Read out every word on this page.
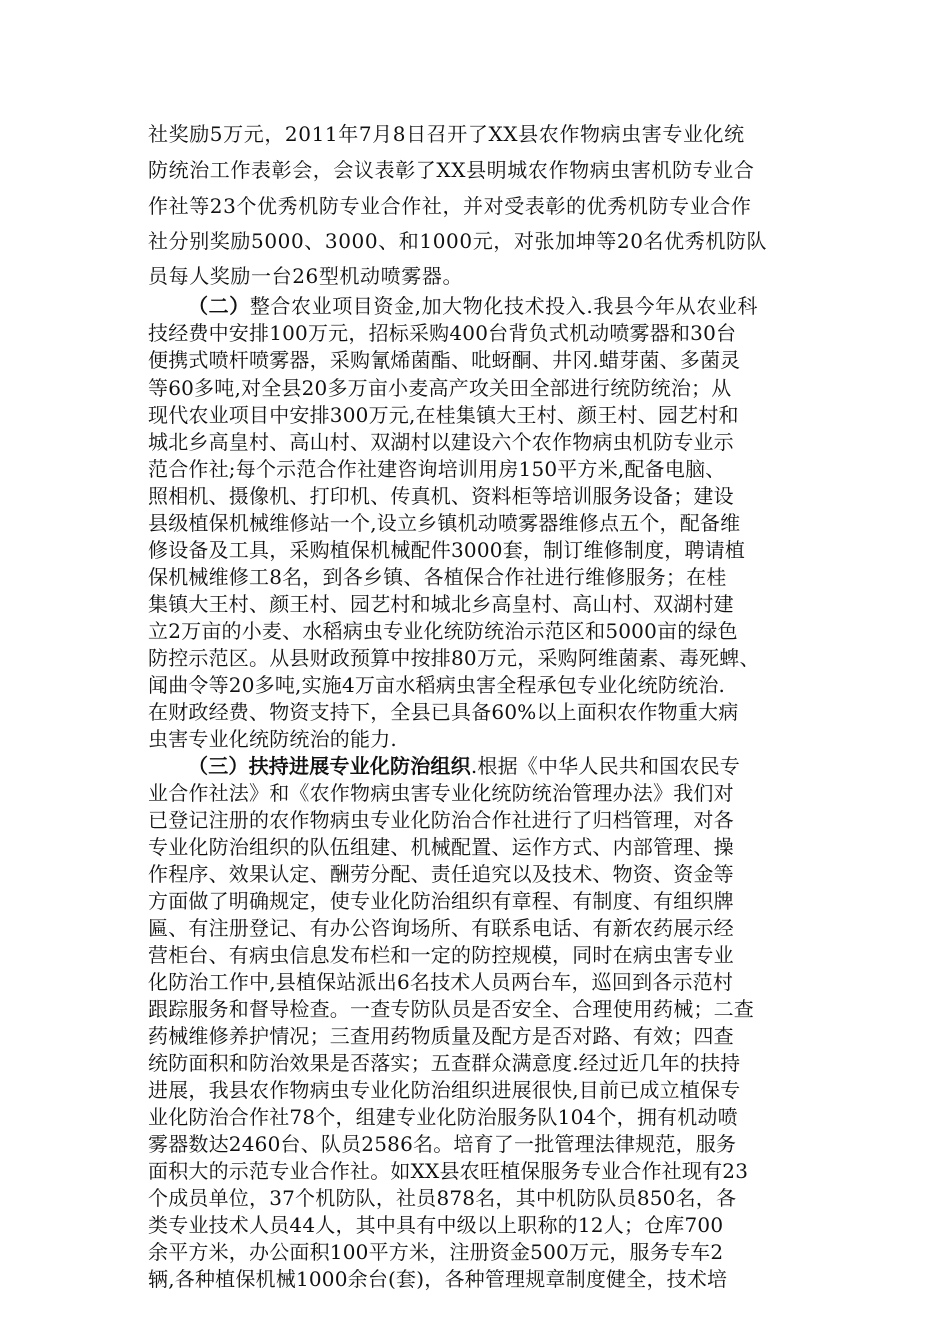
社奖励5万元，2011年7月8日召开了XX县农作物病虫害专业化统
防统治工作表彰会，会议表彰了XX县明城农作物病虫害机防专业合
作社等23个优秀机防专业合作社，并对受表彰的优秀机防专业合作
社分别奖励5000、3000、和1000元，对张加坤等20名优秀机防队
员每人奖励一台26型机动喷雾器。
（二）整合农业项目资金,加大物化技术投入.我县今年从农业科
技经费中安排100万元，招标采购400台背负式机动喷雾器和30台
便携式喷杆喷雾器，采购氰烯菌酯、吡蚜酮、井冈.蜡芽菌、多菌灵
等60多吨,对全县20多万亩小麦高产攻关田全部进行统防统治；从
现代农业项目中安排300万元,在桂集镇大王村、颜王村、园艺村和
城北乡高皇村、高山村、双湖村以建设六个农作物病虫机防专业示
范合作社;每个示范合作社建咨询培训用房150平方米,配备电脑、
照相机、摄像机、打印机、传真机、资料柜等培训服务设备；建设
县级植保机械维修站一个,设立乡镇机动喷雾器维修点五个，配备维
修设备及工具，采购植保机械配件3000套，制订维修制度，聘请植
保机械维修工8名，到各乡镇、各植保合作社进行维修服务；在桂
集镇大王村、颜王村、园艺村和城北乡高皇村、高山村、双湖村建
立2万亩的小麦、水稻病虫专业化统防统治示范区和5000亩的绿色
防控示范区。从县财政预算中按排80万元，采购阿维菌素、毒死蜱、
闻曲令等20多吨,实施4万亩水稻病虫害全程承包专业化统防统治.
在财政经费、物资支持下，全县已具备60%以上面积农作物重大病
虫害专业化统防统治的能力.
（三）扶持进展专业化防治组织.根据《中华人民共和国农民专
业合作社法》和《农作物病虫害专业化统防统治管理办法》我们对
已登记注册的农作物病虫专业化防治合作社进行了归档管理，对各
专业化防治组织的队伍组建、机械配置、运作方式、内部管理、操
作程序、效果认定、酬劳分配、责任追究以及技术、物资、资金等
方面做了明确规定，使专业化防治组织有章程、有制度、有组织牌
匾、有注册登记、有办公咨询场所、有联系电话、有新农药展示经
营柜台、有病虫信息发布栏和一定的防控规模，同时在病虫害专业
化防治工作中,县植保站派出6名技术人员两台车，巡回到各示范村
跟踪服务和督导检查。一查专防队员是否安全、合理使用药械；二查
药械维修养护情况；三查用药物质量及配方是否对路、有效；四查
统防面积和防治效果是否落实；五查群众满意度.经过近几年的扶持
进展，我县农作物病虫专业化防治组织进展很快,目前已成立植保专
业化防治合作社78个，组建专业化防治服务队104个，拥有机动喷
雾器数达2460台、队员2586名。培育了一批管理法律规范，服务
面积大的示范专业合作社。如XX县农旺植保服务专业合作社现有23
个成员单位，37个机防队，社员878名，其中机防队员850名，各
类专业技术人员44人，其中具有中级以上职称的12人；仓库700
余平方米，办公面积100平方米，注册资金500万元，服务专车2
辆,各种植保机械1000余台(套)，各种管理规章制度健全，技术培
